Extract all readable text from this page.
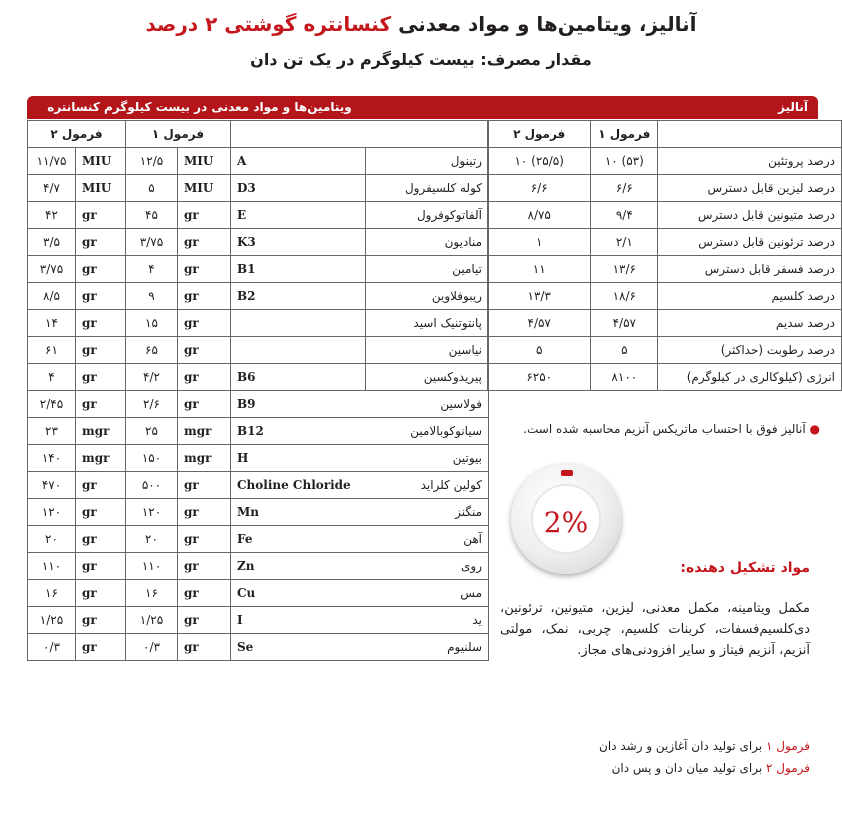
آنالیز، ویتامین‌ها و مواد معدنی کنسانتره گوشتی ۲ درصد
مقدار مصرف: بیست کیلوگرم در یک تن دان
ویتامین‌ها و مواد معدنی در بیست کیلوگرم کنسانتره	آنالیز
فرمول ۲		فرمول ۱			
۱۱/۷۵	MIU	۱۲/۵	MIU	A	رتینول
۴/۷	MIU	۵	MIU	D3	کوله کلسیفرول
۴۲	gr	۴۵	gr	E	آلفاتوکوفرول
۳/۵	gr	۳/۷۵	gr	K3	منادیون
۳/۷۵	gr	۴	gr	B1	تیامین
۸/۵	gr	۹	gr	B2	ریبوفلاوین
۱۴	gr	۱۵	gr		پانتوتنیک اسید
۶۱	gr	۶۵	gr		نیاسین
۴	gr	۴/۲	gr	B6	پیریدوکسین
۲/۴۵	gr	۲/۶	gr	B9	فولاسین
۲۳	mgr	۲۵	mgr	B12	سیانوکوبالامین
۱۴۰	mgr	۱۵۰	mgr	H	بیوتین
۴۷۰	gr	۵۰۰	gr	Choline Chloride	کولین کلراید
۱۲۰	gr	۱۲۰	gr	Mn	منگنز
۲۰	gr	۲۰	gr	Fe	آهن
۱۱۰	gr	۱۱۰	gr	Zn	روی
۱۶	gr	۱۶	gr	Cu	مس
۱/۲۵	gr	۱/۲۵	gr	I	ید
۰/۳	gr	۰/۳	gr	Se	سلنیوم
فرمول ۲	فرمول ۱	
۱۰ (۲۵/۵)	۱۰ (۵۳)	درصد پروتئین
۶/۶	۶/۶	درصد لیزین قابل دسترس
۸/۷۵	۹/۴	درصد متیونین قابل دسترس
۱	۲/۱	درصد ترئونین قابل دسترس
۱۱	۱۳/۶	درصد فسفر قابل دسترس
۱۳/۳	۱۸/۶	درصد کلسیم
۴/۵۷	۴/۵۷	درصد سدیم
۵	۵	درصد رطوبت (حداکثر)
۶۲۵۰	۸۱۰۰	انرژی (کیلوکالری در کیلوگرم)
● آنالیز فوق با احتساب ماتریکس آنزیم محاسبه شده است.
2%
مواد تشکیل دهنده:
مکمل ویتامینه، مکمل معدنی، لیزین، متیونین، ترئونین، دی‌کلسیم‌فسفات، کربنات کلسیم، چربی، نمک، مولتی آنزیم، آنزیم فیتاز و سایر افزودنی‌های مجاز.
فرمول ۱ برای تولید دان آغازین و رشد دان
فرمول ۲ برای تولید میان دان و پس دان
